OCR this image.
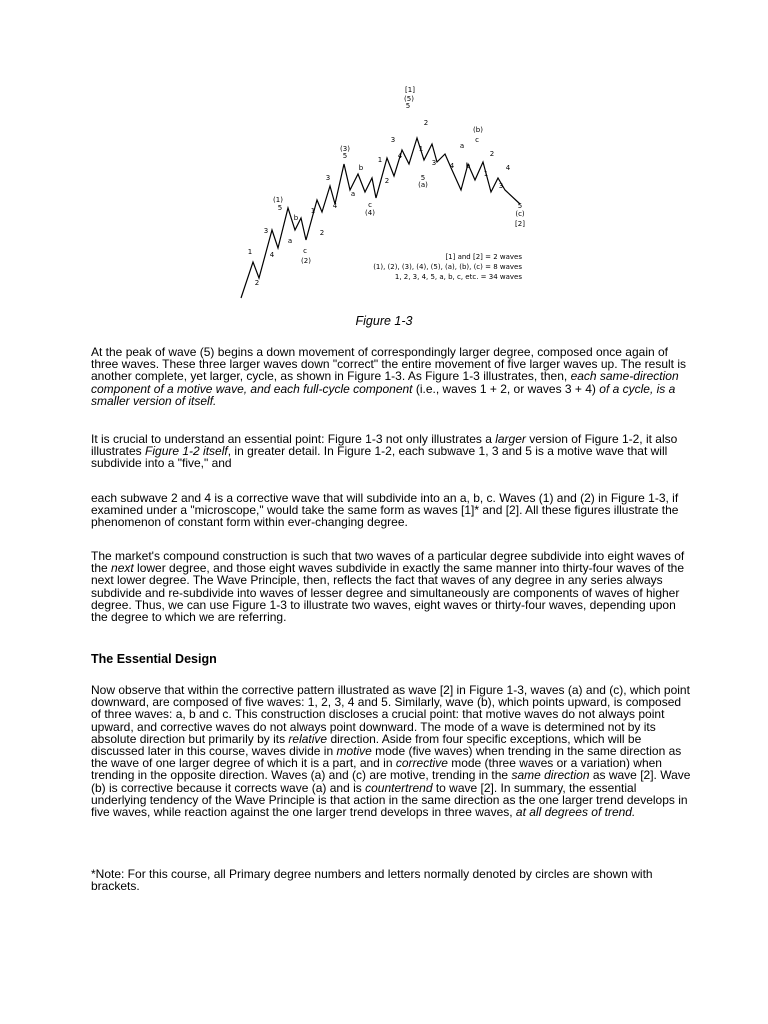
1
2
3
4
5
(1)
a
b
c
(2)
1
2
3
4
5
(3)
a
b
c
(4)
1
2
3
4
5
(5)
[1]
2
1
3 4
5
(a)
a
b
c
(b)
2
1
3
4
5
(c)
[2]
[1] and [2] = 2 waves
(1), (2), (3), (4), (5), (a), (b), (c) = 8 waves
1, 2, 3, 4, 5, a, b, c, etc. = 34 waves
Figure 1-3

At the peak of wave (5) begins a down movement of correspondingly larger degree, composed once again of three waves. These three larger waves down "correct" the entire movement of five larger waves up. The result is another complete, yet larger, cycle, as shown in Figure 1-3. As Figure 1-3 illustrates, then, each same-direction component of a motive wave, and each full-cycle component (i.e., waves 1 + 2, or waves 3 + 4) of a cycle, is a smaller version of itself.

It is crucial to understand an essential point: Figure 1-3 not only illustrates a larger version of Figure 1-2, it also illustrates Figure 1-2 itself, in greater detail. In Figure 1-2, each subwave 1, 3 and 5 is a motive wave that will subdivide into a "five," and

each subwave 2 and 4 is a corrective wave that will subdivide into an a, b, c. Waves (1) and (2) in Figure 1-3, if examined under a "microscope," would take the same form as waves [1]* and [2]. All these figures illustrate the phenomenon of constant form within ever-changing degree.

The market's compound construction is such that two waves of a particular degree subdivide into eight waves of the next lower degree, and those eight waves subdivide in exactly the same manner into thirty-four waves of the next lower degree. The Wave Principle, then, reflects the fact that waves of any degree in any series always subdivide and re-subdivide into waves of lesser degree and simultaneously are components of waves of higher degree. Thus, we can use Figure 1-3 to illustrate two waves, eight waves or thirty-four waves, depending upon the degree to which we are referring.

The Essential Design

Now observe that within the corrective pattern illustrated as wave [2] in Figure 1-3, waves (a) and (c), which point downward, are composed of five waves: 1, 2, 3, 4 and 5. Similarly, wave (b), which points upward, is composed of three waves: a, b and c. This construction discloses a crucial point: that motive waves do not always point upward, and corrective waves do not always point downward. The mode of a wave is determined not by its absolute direction but primarily by its relative direction. Aside from four specific exceptions, which will be discussed later in this course, waves divide in motive mode (five waves) when trending in the same direction as the wave of one larger degree of which it is a part, and in corrective mode (three waves or a variation) when trending in the opposite direction. Waves (a) and (c) are motive, trending in the same direction as wave [2]. Wave (b) is corrective because it corrects wave (a) and is countertrend to wave [2]. In summary, the essential underlying tendency of the Wave Principle is that action in the same direction as the one larger trend develops in five waves, while reaction against the one larger trend develops in three waves, at all degrees of trend.

*Note: For this course, all Primary degree numbers and letters normally denoted by circles are shown with brackets.
